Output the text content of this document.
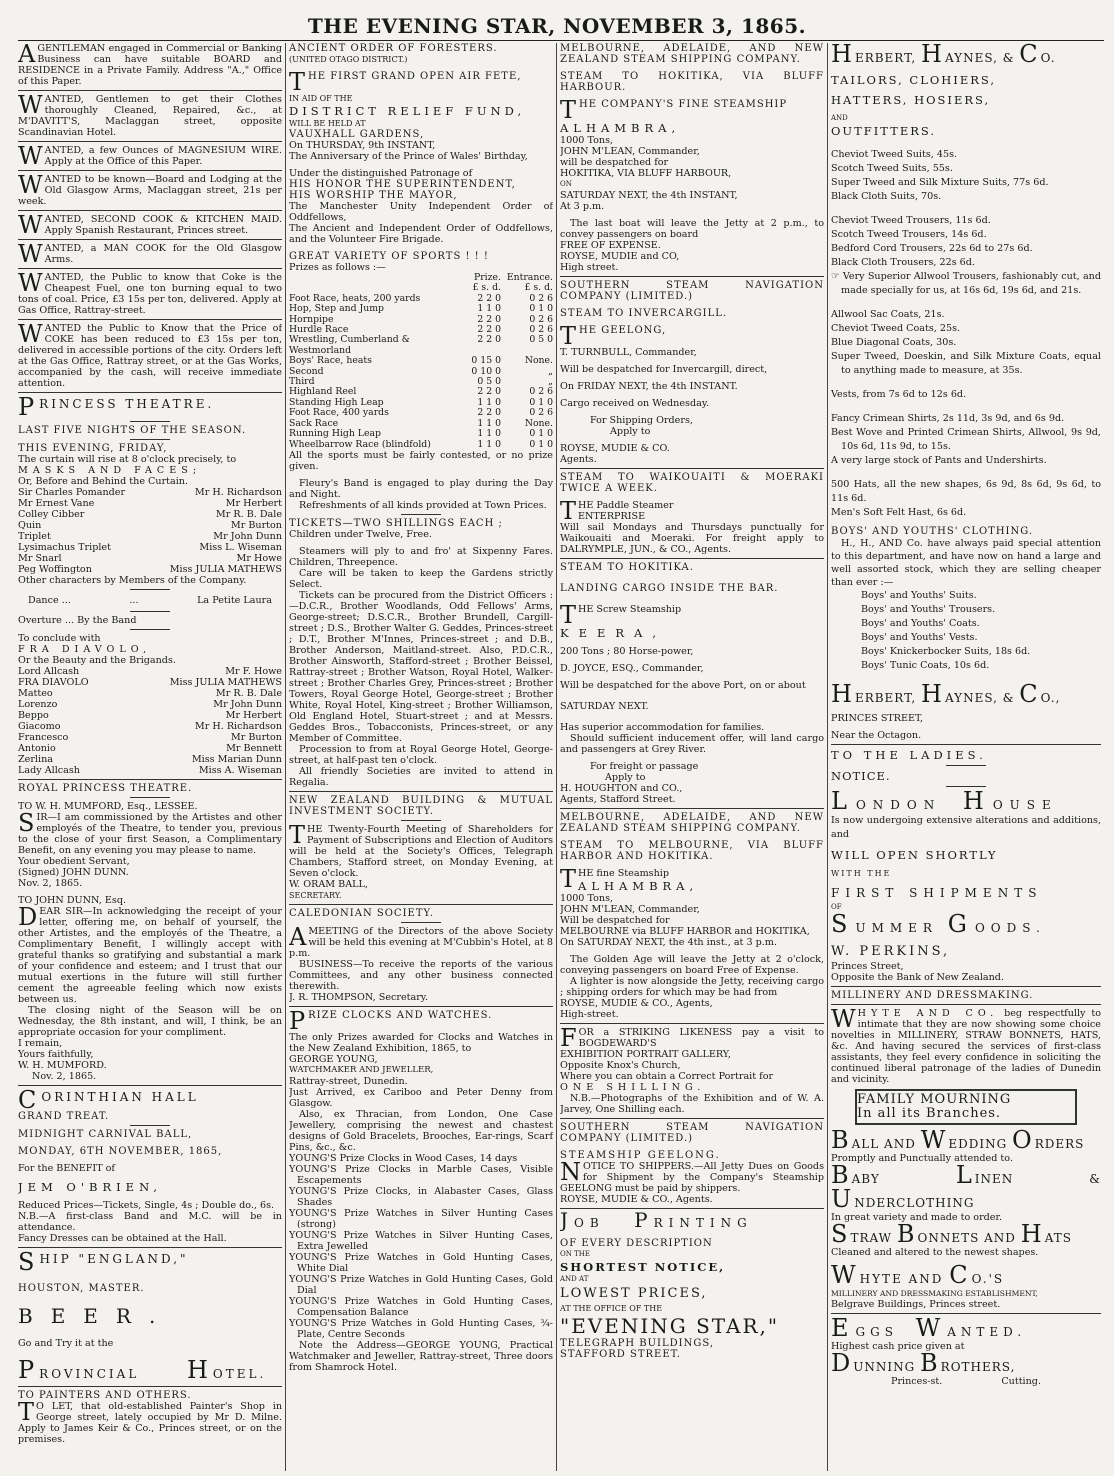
THE EVENING STAR, NOVEMBER 3, 1865.

AGENTLEMAN engaged in Commercial or Banking Business can have suitable BOARD and RESIDENCE in a Private Family. Address "A.," Office of this Paper.

WANTED, Gentlemen to get their Clothes thoroughly Cleaned, Repaired, &c., at M'DAVITT'S, Maclaggan street, opposite Scandinavian Hotel.

WANTED, a few Ounces of MAGNESIUM WIRE. Apply at the Office of this Paper.

WANTED to be known—Board and Lodging at the Old Glasgow Arms, Maclaggan street, 21s per week.

WANTED, SECOND COOK & KITCHEN MAID. Apply Spanish Restaurant, Princes street.

WANTED, a MAN COOK for the Old Glasgow Arms.

WANTED, the Public to know that Coke is the Cheapest Fuel, one ton burning equal to two tons of coal. Price, £3 15s per ton, delivered. Apply at Gas Office, Rattray-street.

WANTED the Public to Know that the Price of COKE has been reduced to £3 15s per ton, delivered in accessible portions of the city. Orders left at the Gas Office, Rattray street, or at the Gas Works, accompanied by the cash, will receive immediate attention.

PRINCESS THEATRE.

LAST FIVE NIGHTS OF THE SEASON.

THIS EVENING, FRIDAY,

The curtain will rise at 8 o'clock precisely, to

MASKS AND FACES;

Or, Before and Behind the Curtain.

Sir Charles Pomander	Mr H. Richardson
Mr Ernest Vane	Mr Herbert
Colley Cibber	Mr R. B. Dale
Quin	Mr Burton
Triplet	Mr John Dunn
Lysimachus Triplet	Miss L. Wiseman
Mr Snarl	Mr Howe
Peg Woffington	Miss JULIA MATHEWS

Other characters by Members of the Company.

Dance ...	...	La Petite Laura

Overture ... By the Band

To conclude with

FRA DIAVOLO,

Or the Beauty and the Brigands.

Lord Allcash	Mr F. Howe
FRA DIAVOLO	Miss JULIA MATHEWS
Matteo	Mr R. B. Dale
Lorenzo	Mr John Dunn
Beppo	Mr Herbert
Giacomo	Mr H. Richardson
Francesco	Mr Burton
Antonio	Mr Bennett
Zerlina	Miss Marian Dunn
Lady Allcash	Miss A. Wiseman

ROYAL PRINCESS THEATRE.

TO W. H. MUMFORD, Esq., LESSEE.

SIR—I am commissioned by the Artistes and other employés of the Theatre, to tender you, previous to the close of your first Season, a Complimentary Benefit, on any evening you may please to name.

Your obedient Servant,

(Signed) JOHN DUNN.

Nov. 2, 1865.

TO JOHN DUNN, Esq.

DEAR SIR—In acknowledging the receipt of your letter, offering me, on behalf of yourself, the other Artistes, and the employés of the Theatre, a Complimentary Benefit, I willingly accept with grateful thanks so gratifying and substantial a mark of your confidence and esteem; and I trust that our mutual exertions in the future will still further cement the agreeable feeling which now exists between us.

The closing night of the Season will be on Wednesday, the 8th instant, and will, I think, be an appropriate occasion for your compliment.

I remain,

Yours faithfully,

W. H. MUMFORD.

Nov. 2, 1865.

CORINTHIAN HALL

GRAND TREAT.

MIDNIGHT CARNIVAL BALL,

MONDAY, 6TH NOVEMBER, 1865,

For the BENEFIT of

JEM O'BRIEN,

Reduced Prices—Tickets, Single, 4s ; Double do., 6s.

N.B.—A first-class Band and M.C. will be in attendance.

Fancy Dresses can be obtained at the Hall.

SHIP "ENGLAND,"

HOUSTON, MASTER.

BEER.

Go and Try it at the

PROVINCIAL H OTEL.

TO PAINTERS AND OTHERS.

T O LET, that old-established Painter's Shop in George street, lately occupied by Mr D. Milne. Apply to James Keir & Co., Princes street, or on the premises.

ANCIENT ORDER OF FORESTERS.

(UNITED OTAGO DISTRICT.)

THE FIRST GRAND OPEN AIR FETE,

IN AID OF THE

DISTRICT RELIEF FUND,

WILL BE HELD AT

VAUXHALL GARDENS,

On THURSDAY, 9th INSTANT,

The Anniversary of the Prince of Wales' Birthday,

Under the distinguished Patronage of

HIS HONOR THE SUPERINTENDENT,

HIS WORSHIP THE MAYOR,

The Manchester Unity Independent Order of Oddfellows,

The Ancient and Independent Order of Oddfellows, and the Volunteer Fire Brigade.

GREAT VARIETY OF SPORTS ! ! !

Prizes as follows :—

	Prize.	Entrance.
	£ s. d.	£ s. d.
Foot Race, heats, 200 yards	2 2 0	0 2 6
Hop, Step and Jump	1 1 0	0 1 0
Hornpipe	2 2 0	0 2 6
Hurdle Race	2 2 0	0 2 6
Wrestling, Cumberland & Westmorland	2 2 0	0 5 0
Boys' Race, heats	0 15 0	None.
Second	0 10 0	„
Third	0 5 0	„
Highland Reel	2 2 0	0 2 6
Standing High Leap	1 1 0	0 1 0
Foot Race, 400 yards	2 2 0	0 2 6
Sack Race	1 1 0	None.
Running High Leap	1 1 0	0 1 0
Wheelbarrow Race (blindfold)	1 1 0	0 1 0

All the sports must be fairly contested, or no prize given.

Fleury's Band is engaged to play during the Day and Night.

Refreshments of all kinds provided at Town Prices.

TICKETS—TWO SHILLINGS EACH ;

Children under Twelve, Free.

Steamers will ply to and fro' at Sixpenny Fares. Children, Threepence.

Care will be taken to keep the Gardens strictly Select.

Tickets can be procured from the District Officers :—D.C.R., Brother Woodlands, Odd Fellows' Arms, George-street; D.S.C.R., Brother Brundell, Cargill-street ; D.S., Brother Walter G. Geddes, Princes-street ; D.T., Brother M'Innes, Princes-street ; and D.B., Brother Anderson, Maitland-street. Also, P.D.C.R., Brother Ainsworth, Stafford-street ; Brother Beissel, Rattray-street ; Brother Watson, Royal Hotel, Walker-street ; Brother Charles Grey, Princes-street ; Brother Towers, Royal George Hotel, George-street ; Brother White, Royal Hotel, King-street ; Brother Williamson, Old England Hotel, Stuart-street ; and at Messrs. Geddes Bros., Tobacconists, Princes-street, or any Member of Committee.

Procession to from at Royal George Hotel, George-street, at half-past ten o'clock.

All friendly Societies are invited to attend in Regalia.

NEW ZEALAND BUILDING & MUTUAL INVESTMENT SOCIETY.

THE Twenty-Fourth Meeting of Shareholders for Payment of Subscriptions and Election of Auditors will be held at the Society's Offices, Telegraph Chambers, Stafford street, on Monday Evening, at Seven o'clock.

W. ORAM BALL,

SECRETARY.

CALEDONIAN SOCIETY.

AMEETING of the Directors of the above Society will be held this evening at M'Cubbin's Hotel, at 8 p.m.

BUSINESS—To receive the reports of the various Committees, and any other business connected therewith.

J. R. THOMPSON, Secretary.

PRIZE CLOCKS AND WATCHES.

The only Prizes awarded for Clocks and Watches in the New Zealand Exhibition, 1865, to

GEORGE YOUNG,

WATCHMAKER AND JEWELLER,

Rattray-street, Dunedin.

Just Arrived, ex Cariboo and Peter Denny from Glasgow.

Also, ex Thracian, from London, One Case Jewellery, comprising the newest and chastest designs of Gold Bracelets, Brooches, Ear-rings, Scarf Pins, &c., &c.

YOUNG'S Prize Clocks in Wood Cases, 14 days

YOUNG'S Prize Clocks in Marble Cases, Visible Escapements

YOUNG'S Prize Clocks, in Alabaster Cases, Glass Shades

YOUNG'S Prize Watches in Silver Hunting Cases (strong)

YOUNG'S Prize Watches in Silver Hunting Cases, Extra Jewelled

YOUNG'S Prize Watches in Gold Hunting Cases, White Dial

YOUNG'S Prize Watches in Gold Hunting Cases, Gold Dial

YOUNG'S Prize Watches in Gold Hunting Cases, Compensation Balance

YOUNG'S Prize Watches in Gold Hunting Cases, ¾-Plate, Centre Seconds

Note the Address—GEORGE YOUNG, Practical Watchmaker and Jeweller, Rattray-street, Three doors from Shamrock Hotel.

MELBOURNE, ADELAIDE, AND NEW ZEALAND STEAM SHIPPING COMPANY.

STEAM TO HOKITIKA, VIA BLUFF HARBOUR.

THE COMPANY'S FINE STEAMSHIP

ALHAMBRA,

1000 Tons,

JOHN M'LEAN, Commander,

will be despatched for

HOKITIKA, VIA BLUFF HARBOUR,

ON

SATURDAY NEXT, the 4th INSTANT,

At 3 p.m.

The last boat will leave the Jetty at 2 p.m., to convey passengers on board

FREE OF EXPENSE.

ROYSE, MUDIE and CO,

High street.

SOUTHERN STEAM NAVIGATION COMPANY (LIMITED.)

STEAM TO INVERCARGILL.

THE GEELONG,

T. TURNBULL, Commander,

Will be despatched for Invercargill, direct,

On FRIDAY NEXT, the 4th INSTANT.

Cargo received on Wednesday.

For Shipping Orders,

Apply to

ROYSE, MUDIE & CO.

Agents.

STEAM TO WAIKOUAITI & MOERAKI TWICE A WEEK.

THE Paddle Steamer

ENTERPRISE

Will sail Mondays and Thursdays punctually for Waikouaiti and Moeraki. For freight apply to DALRYMPLE, JUN., & CO., Agents.

STEAM TO HOKITIKA.

LANDING CARGO INSIDE THE BAR.

THE Screw Steamship

KEERA,

200 Tons ; 80 Horse-power,

D. JOYCE, ESQ., Commander,

Will be despatched for the above Port, on or about

SATURDAY NEXT.

Has superior accommodation for families.

Should sufficient inducement offer, will land cargo and passengers at Grey River.

For freight or passage

Apply to

H. HOUGHTON and CO.,

Agents, Stafford Street.

MELBOURNE, ADELAIDE, AND NEW ZEALAND STEAM SHIPPING COMPANY.

STEAM TO MELBOURNE, VIA BLUFF HARBOR AND HOKITIKA.

THE fine Steamship

ALHAMBRA,

1000 Tons,

JOHN M'LEAN, Commander,

Will be despatched for

MELBOURNE via BLUFF HARBOR and HOKITIKA,

On SATURDAY NEXT, the 4th inst., at 3 p.m.

The Golden Age will leave the Jetty at 2 o'clock, conveying passengers on board Free of Expense.

A lighter is now alongside the Jetty, receiving cargo ; shipping orders for which may be had from

ROYSE, MUDIE & CO., Agents,

High-street.

FOR a STRIKING LIKENESS pay a visit to BOGDEWARD'S

EXHIBITION PORTRAIT GALLERY,

Opposite Knox's Church,

Where you can obtain a Correct Portrait for

ONE SHILLING.

N.B.—Photographs of the Exhibition and of W. A. Jarvey, One Shilling each.

SOUTHERN STEAM NAVIGATION COMPANY (LIMITED.)

STEAMSHIP GEELONG.

NOTICE TO SHIPPERS.—All Jetty Dues on Goods for Shipment by the Company's Steamship GEELONG must be paid by shippers.

ROYSE, MUDIE & CO., Agents.

JOB PRINTING

OF EVERY DESCRIPTION

ON THE

SHORTEST NOTICE,

AND AT

LOWEST PRICES,

AT THE OFFICE OF THE

"EVENING STAR,"

TELEGRAPH BUILDINGS,

STAFFORD STREET.

HERBERT, H AYNES, & C O.

TAILORS, CLOHIERS,

HATTERS, HOSIERS,

AND

OUTFITTERS.

Cheviot Tweed Suits, 45s.

Scotch Tweed Suits, 55s.

Super Tweed and Silk Mixture Suits, 77s 6d.

Black Cloth Suits, 70s.

Cheviot Tweed Trousers, 11s 6d.

Scotch Tweed Trousers, 14s 6d.

Bedford Cord Trousers, 22s 6d to 27s 6d.

Black Cloth Trousers, 22s 6d.

☞ Very Superior Allwool Trousers, fashionably cut, and made specially for us, at 16s 6d, 19s 6d, and 21s.

Allwool Sac Coats, 21s.

Cheviot Tweed Coats, 25s.

Blue Diagonal Coats, 30s.

Super Tweed, Doeskin, and Silk Mixture Coats, equal to anything made to measure, at 35s.

Vests, from 7s 6d to 12s 6d.

Fancy Crimean Shirts, 2s 11d, 3s 9d, and 6s 9d.

Best Wove and Printed Crimean Shirts, Allwool, 9s 9d, 10s 6d, 11s 9d, to 15s.

A very large stock of Pants and Undershirts.

500 Hats, all the new shapes, 6s 9d, 8s 6d, 9s 6d, to 11s 6d.

Men's Soft Felt Hast, 6s 6d.

BOYS' AND YOUTHS' CLOTHING.

H., H., AND Co. have always paid special attention to this department, and have now on hand a large and well assorted stock, which they are selling cheaper than ever :—

Boys' and Youths' Suits.

Boys' and Youths' Trousers.

Boys' and Youths' Coats.

Boys' and Youths' Vests.

Boys' Knickerbocker Suits, 18s 6d.

Boys' Tunic Coats, 10s 6d.

HERBERT, H AYNES, & C O.,

PRINCES STREET,

Near the Octagon.

TO THE LADIES.

NOTICE.

LONDON H OUSE

Is now undergoing extensive alterations and additions, and

WILL OPEN SHORTLY

WITH THE

FIRST SHIPMENTS

OF

SUMMER G OODS.

W. PERKINS,

Princes Street,

Opposite the Bank of New Zealand.

MILLINERY AND DRESSMAKING.

WHYTE AND CO. beg respectfully to intimate that they are now showing some choice novelties in MILLINERY, STRAW BONNETS, HATS, &c. And having secured the services of first-class assistants, they feel every confidence in soliciting the continued liberal patronage of the ladies of Dunedin and vicinity.

FAMILY MOURNING

In all its Branches.

BALL AND W EDDING O RDERS

Promptly and Punctually attended to.

BABY	L INEN & U NDERCLOTHING

In great variety and made to order.

STRAW B ONNETS AND H ATS

Cleaned and altered to the newest shapes.

WHYTE AND C O.'S

MILLINERY AND DRESSMAKING ESTABLISHMENT,

Belgrave Buildings, Princes street.

EGGS W ANTED.

Highest cash price given at

DUNNING B ROTHERS,

Princes-st.	Cutting.
